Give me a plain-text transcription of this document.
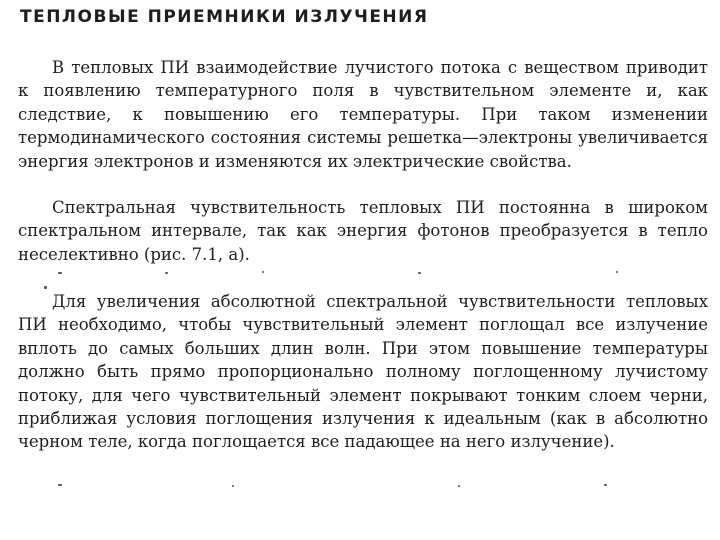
ТЕПЛОВЫЕ ПРИЕМНИКИ ИЗЛУЧЕНИЯ

В тепловых ПИ взаимодействие лучистого потока с веществом приводит к появлению температурного поля в чувствительном элементе и, как следствие, к повышению его температуры. При таком изменении термодинамического состояния системы решетка—электроны увеличивается энергия электронов и изменяются их электрические свойства.

Спектральная чувствительность тепловых ПИ постоянна в широком спектральном интервале, так как энергия фотонов преобразуется в тепло неселективно (рис. 7.1, а).

Для увеличения абсолютной спектральной чувствительности тепловых ПИ необходимо, чтобы чувствительный элемент поглощал все излучение вплоть до самых больших длин волн. При этом повышение температуры должно быть прямо пропорционально полному поглощенному лучистому потоку, для чего чувствительный элемент покрывают тонким слоем черни, приближая условия поглощения излучения к идеальным (как в абсолютно черном теле, когда поглощается все падающее на него излучение).
